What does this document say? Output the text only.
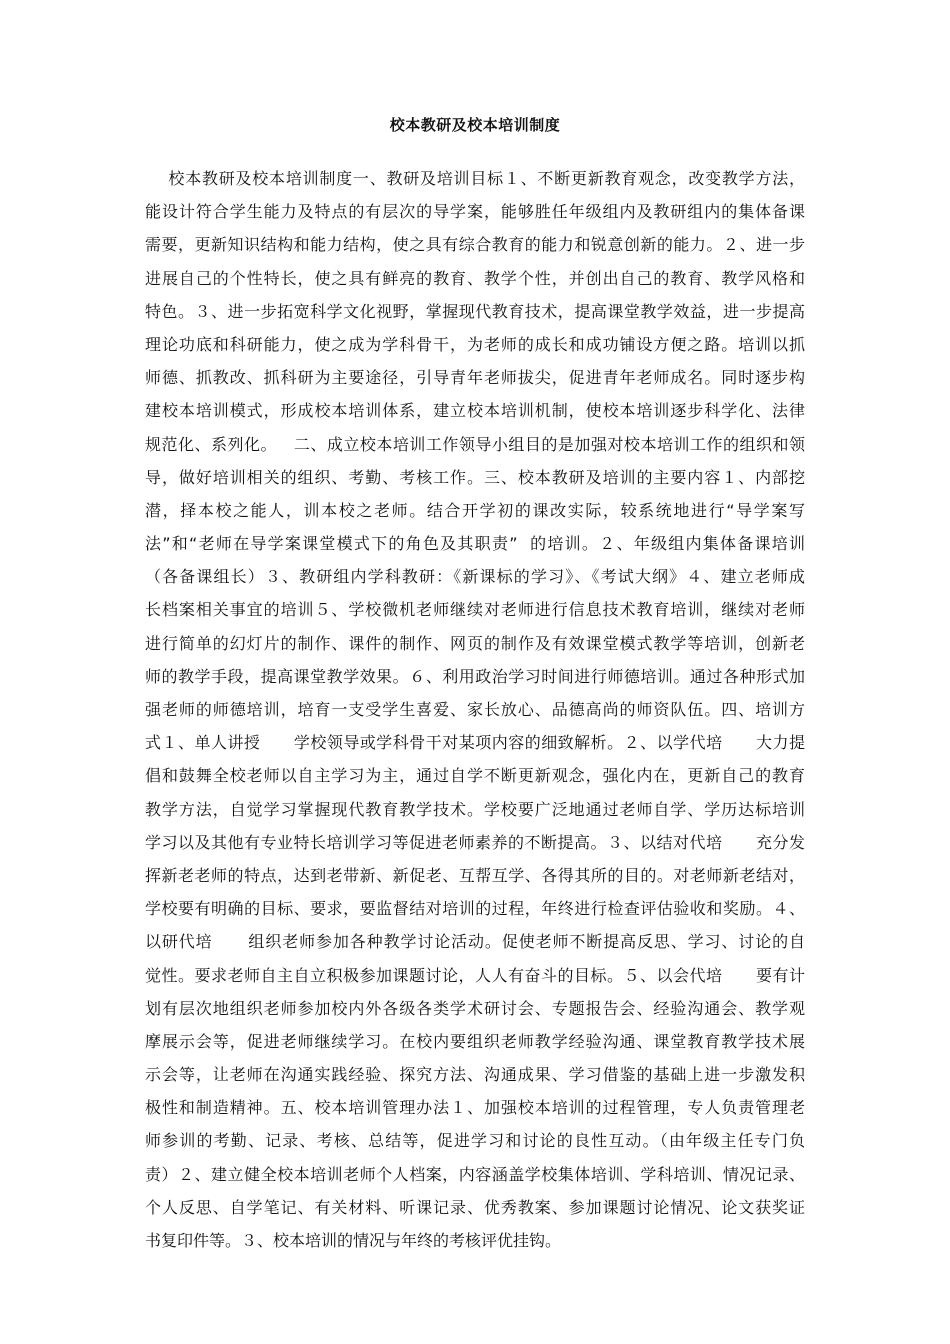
校本教研及校本培训制度
校本教研及校本培训制度一、教研及培训目标１、不断更新教育观念，改变教学方法，
能设计符合学生能力及特点的有层次的导学案，能够胜任年级组内及教研组内的集体备课
需要，更新知识结构和能力结构，使之具有综合教育的能力和锐意创新的能力。２、进一步
进展自己的个性特长，使之具有鲜亮的教育、教学个性，并创出自己的教育、教学风格和
特色。３、进一步拓宽科学文化视野，掌握现代教育技术，提高课堂教学效益，进一步提高
理论功底和科研能力，使之成为学科骨干，为老师的成长和成功铺设方便之路。培训以抓
师德、抓教改、抓科研为主要途径，引导青年老师拔尖，促进青年老师成名。同时逐步构
建校本培训模式，形成校本培训体系，建立校本培训机制，使校本培训逐步科学化、法律
规范化、系列化。   二、成立校本培训工作领导小组目的是加强对校本培训工作的组织和领
导，做好培训相关的组织、考勤、考核工作。三、校本教研及培训的主要内容１、内部挖
潜，择本校之能人，训本校之老师。结合开学初的课改实际，较系统地进行“导学案写
法”和“老师在导学案课堂模式下的角色及其职责”  的培训。２、年级组内集体备课培训
（各备课组长）３、教研组内学科教研：《新课标的学习》、《考试大纲》４、建立老师成
长档案相关事宜的培训５、学校微机老师继续对老师进行信息技术教育培训，继续对老师
进行简单的幻灯片的制作、课件的制作、网页的制作及有效课堂模式教学等培训，创新老
师的教学手段，提高课堂教学效果。６、利用政治学习时间进行师德培训。通过各种形式加
强老师的师德培训，培育一支受学生喜爱、家长放心、品德高尚的师资队伍。四、培训方
式１、单人讲授      学校领导或学科骨干对某项内容的细致解析。２、以学代培      大力提
倡和鼓舞全校老师以自主学习为主，通过自学不断更新观念，强化内在，更新自己的教育
教学方法，自觉学习掌握现代教育教学技术。学校要广泛地通过老师自学、学历达标培训
学习以及其他有专业特长培训学习等促进老师素养的不断提高。３、以结对代培      充分发
挥新老老师的特点，达到老带新、新促老、互帮互学、各得其所的目的。对老师新老结对，
学校要有明确的目标、要求，要监督结对培训的过程，年终进行检查评估验收和奖励。４、
以研代培      组织老师参加各种教学讨论活动。促使老师不断提高反思、学习、讨论的自
觉性。要求老师自主自立积极参加课题讨论，人人有奋斗的目标。５、以会代培      要有计
划有层次地组织老师参加校内外各级各类学术研讨会、专题报告会、经验沟通会、教学观
摩展示会等，促进老师继续学习。在校内要组织老师教学经验沟通、课堂教育教学技术展
示会等，让老师在沟通实践经验、探究方法、沟通成果、学习借鉴的基础上进一步激发积
极性和制造精神。五、校本培训管理办法１、加强校本培训的过程管理，专人负责管理老
师参训的考勤、记录、考核、总结等，促进学习和讨论的良性互动。（由年级主任专门负
责）２、建立健全校本培训老师个人档案，内容涵盖学校集体培训、学科培训、情况记录、
个人反思、自学笔记、有关材料、听课记录、优秀教案、参加课题讨论情况、论文获奖证
书复印件等。３、校本培训的情况与年终的考核评优挂钩。
